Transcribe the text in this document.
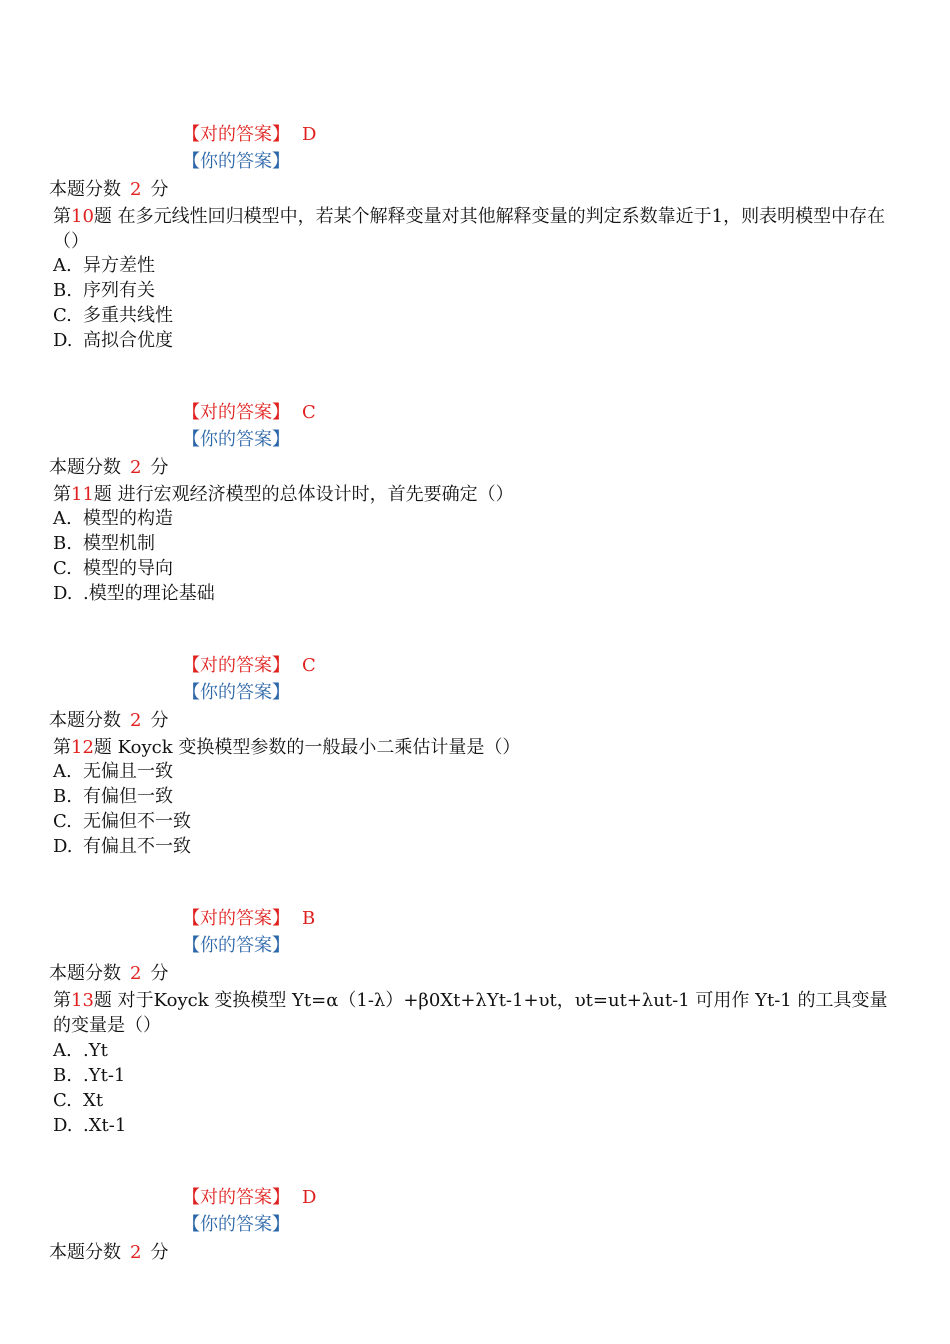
【对的答案】 D
【你的答案】
本题分数 2 分
第10题 在多元线性回归模型中，若某个解释变量对其他解释变量的判定系数靠近于1，则表明模型中存在（）
A. 异方差性
B. 序列有关
C. 多重共线性
D. 高拟合优度
【对的答案】 C
【你的答案】
本题分数 2 分
第11题 进行宏观经济模型的总体设计时，首先要确定（）
A. 模型的构造
B. 模型机制
C. 模型的导向
D. .模型的理论基础
【对的答案】 C
【你的答案】
本题分数 2 分
第12题 Koyck 变换模型参数的一般最小二乘估计量是（）
A. 无偏且一致
B. 有偏但一致
C. 无偏但不一致
D. 有偏且不一致
【对的答案】 B
【你的答案】
本题分数 2 分
第13题 对于Koyck 变换模型 Yt=α（1-λ）+β0Xt+λYt-1+υt，υt=ut+λut-1 可用作 Yt-1 的工具变量的变量是（）
A. .Yt
B. .Yt-1
C. Xt
D. .Xt-1
【对的答案】 D
【你的答案】
本题分数 2 分
